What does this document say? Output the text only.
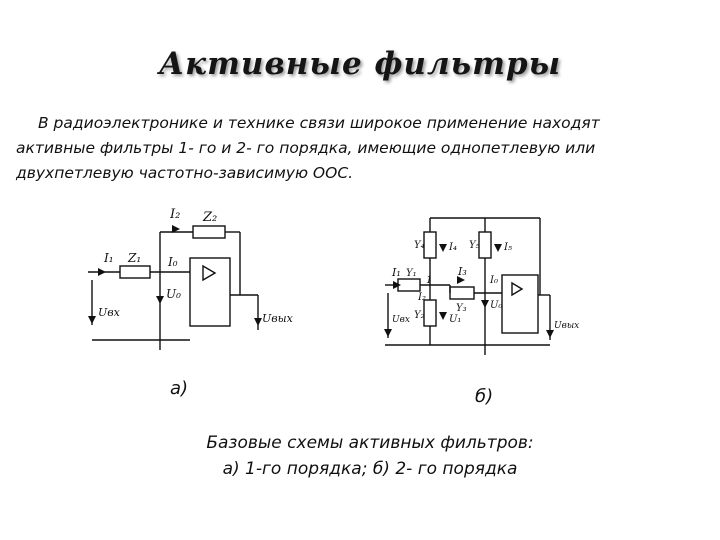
Активные фильтры
В радиоэлектронике и технике связи широкое применение находят
активные фильтры 1- го и 2- го порядка, имеющие однопетлевую или
двухпетлевую частотно-зависимую ООС.
I₂ Z₂
I₁ Z₁ I₀
U₀
Uвх	Uвых
Y₄ I₄ Y₅ I₅
I₁ Y₁
1
I₃
I₀
Y₃ U₀
I₂
Y₂ U₁
Uвх
Uвых
а)	б)
Базовые схемы активных фильтров:
а) 1-го порядка; б) 2- го порядка
